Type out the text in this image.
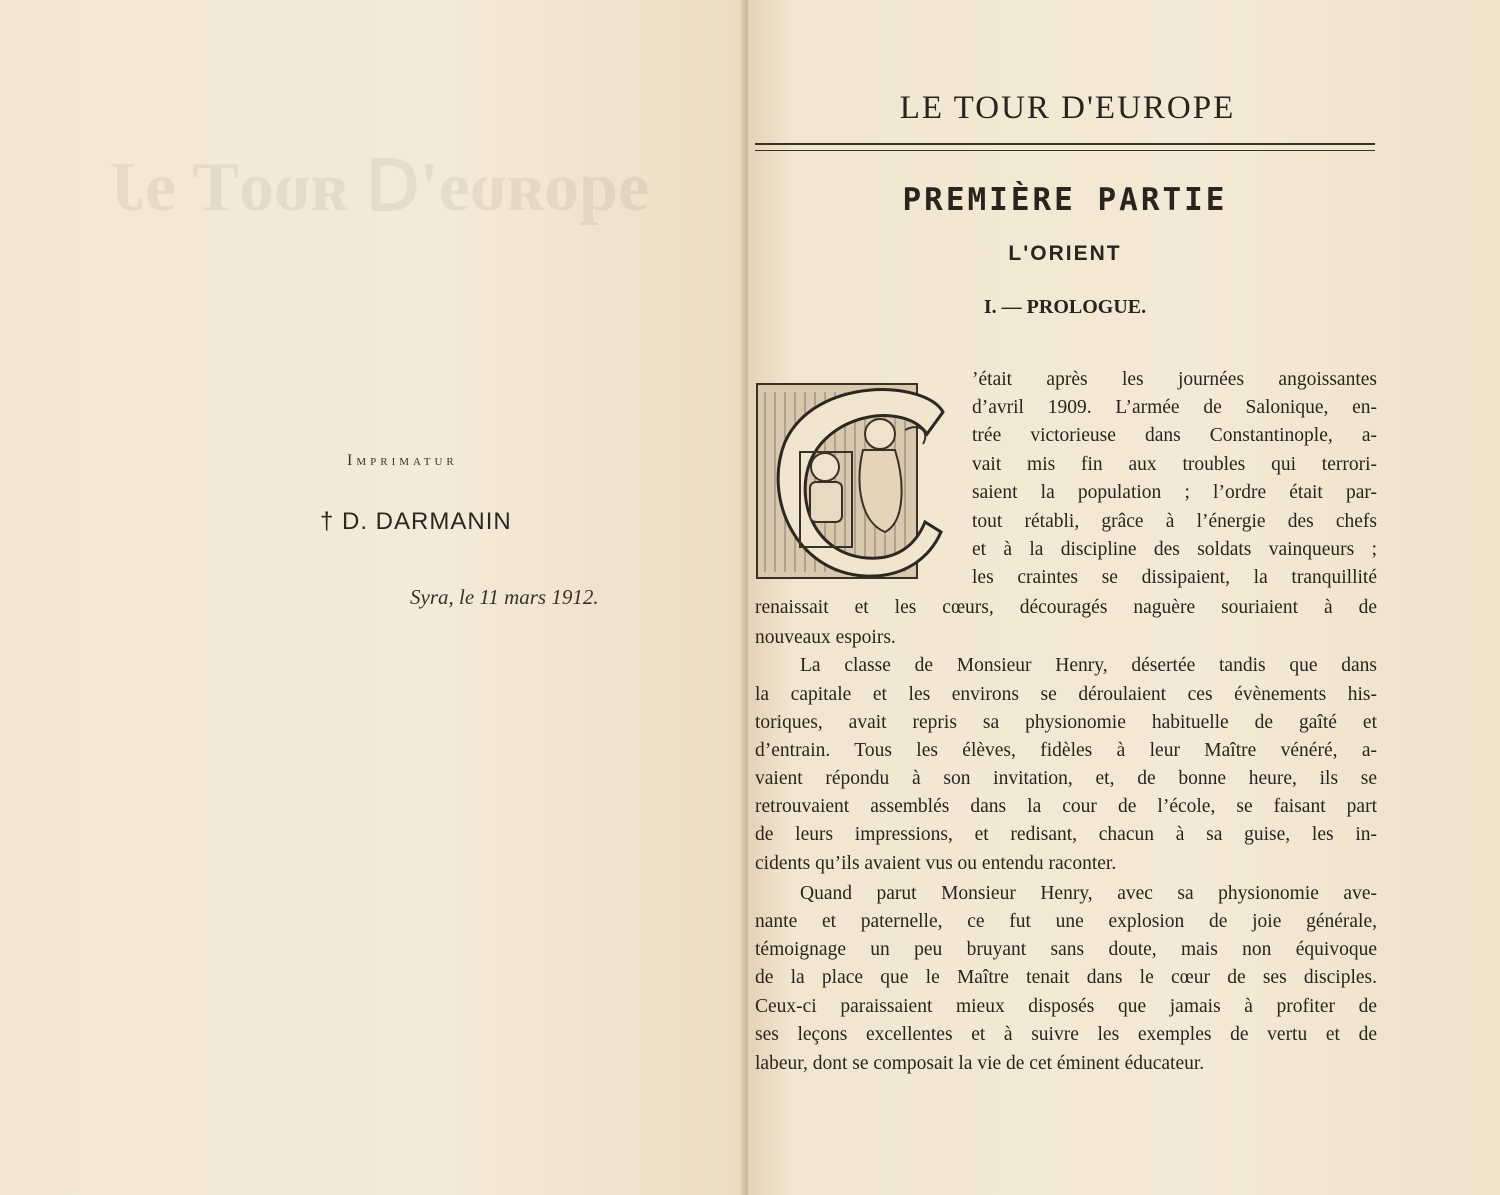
ɘqoяυɘ'ᗡ яυoT ɘJ
Imprimatur
† D. DARMANIN
Syra, le 11 mars 1912.
LE TOUR D'EUROPE
PREMIÈRE PARTIE
L'ORIENT
I. — PROLOGUE.
’était après les journées angoissantes
d’avril 1909. L’armée de Salonique, en-
trée victorieuse dans Constantinople, a-
vait mis fin aux troubles qui terrori-
saient la population ; l’ordre était par-
tout rétabli, grâce à l’énergie des chefs
et à la discipline des soldats vainqueurs ;
les craintes se dissipaient, la tranquillité
renaissait et les cœurs, découragés naguère souriaient à de
nouveaux espoirs.
La classe de Monsieur Henry, désertée tandis que dans
la capitale et les environs se déroulaient ces évènements his-
toriques, avait repris sa physionomie habituelle de gaîté et
d’entrain. Tous les élèves, fidèles à leur Maître vénéré, a-
vaient répondu à son invitation, et, de bonne heure, ils se
retrouvaient assemblés dans la cour de l’école, se faisant part
de leurs impressions, et redisant, chacun à sa guise, les in-
cidents qu’ils avaient vus ou entendu raconter.
Quand parut Monsieur Henry, avec sa physionomie ave-
nante et paternelle, ce fut une explosion de joie générale,
témoignage un peu bruyant sans doute, mais non équivoque
de la place que le Maître tenait dans le cœur de ses disciples.
Ceux-ci paraissaient mieux disposés que jamais à profiter de
ses leçons excellentes et à suivre les exemples de vertu et de
labeur, dont se composait la vie de cet éminent éducateur.
